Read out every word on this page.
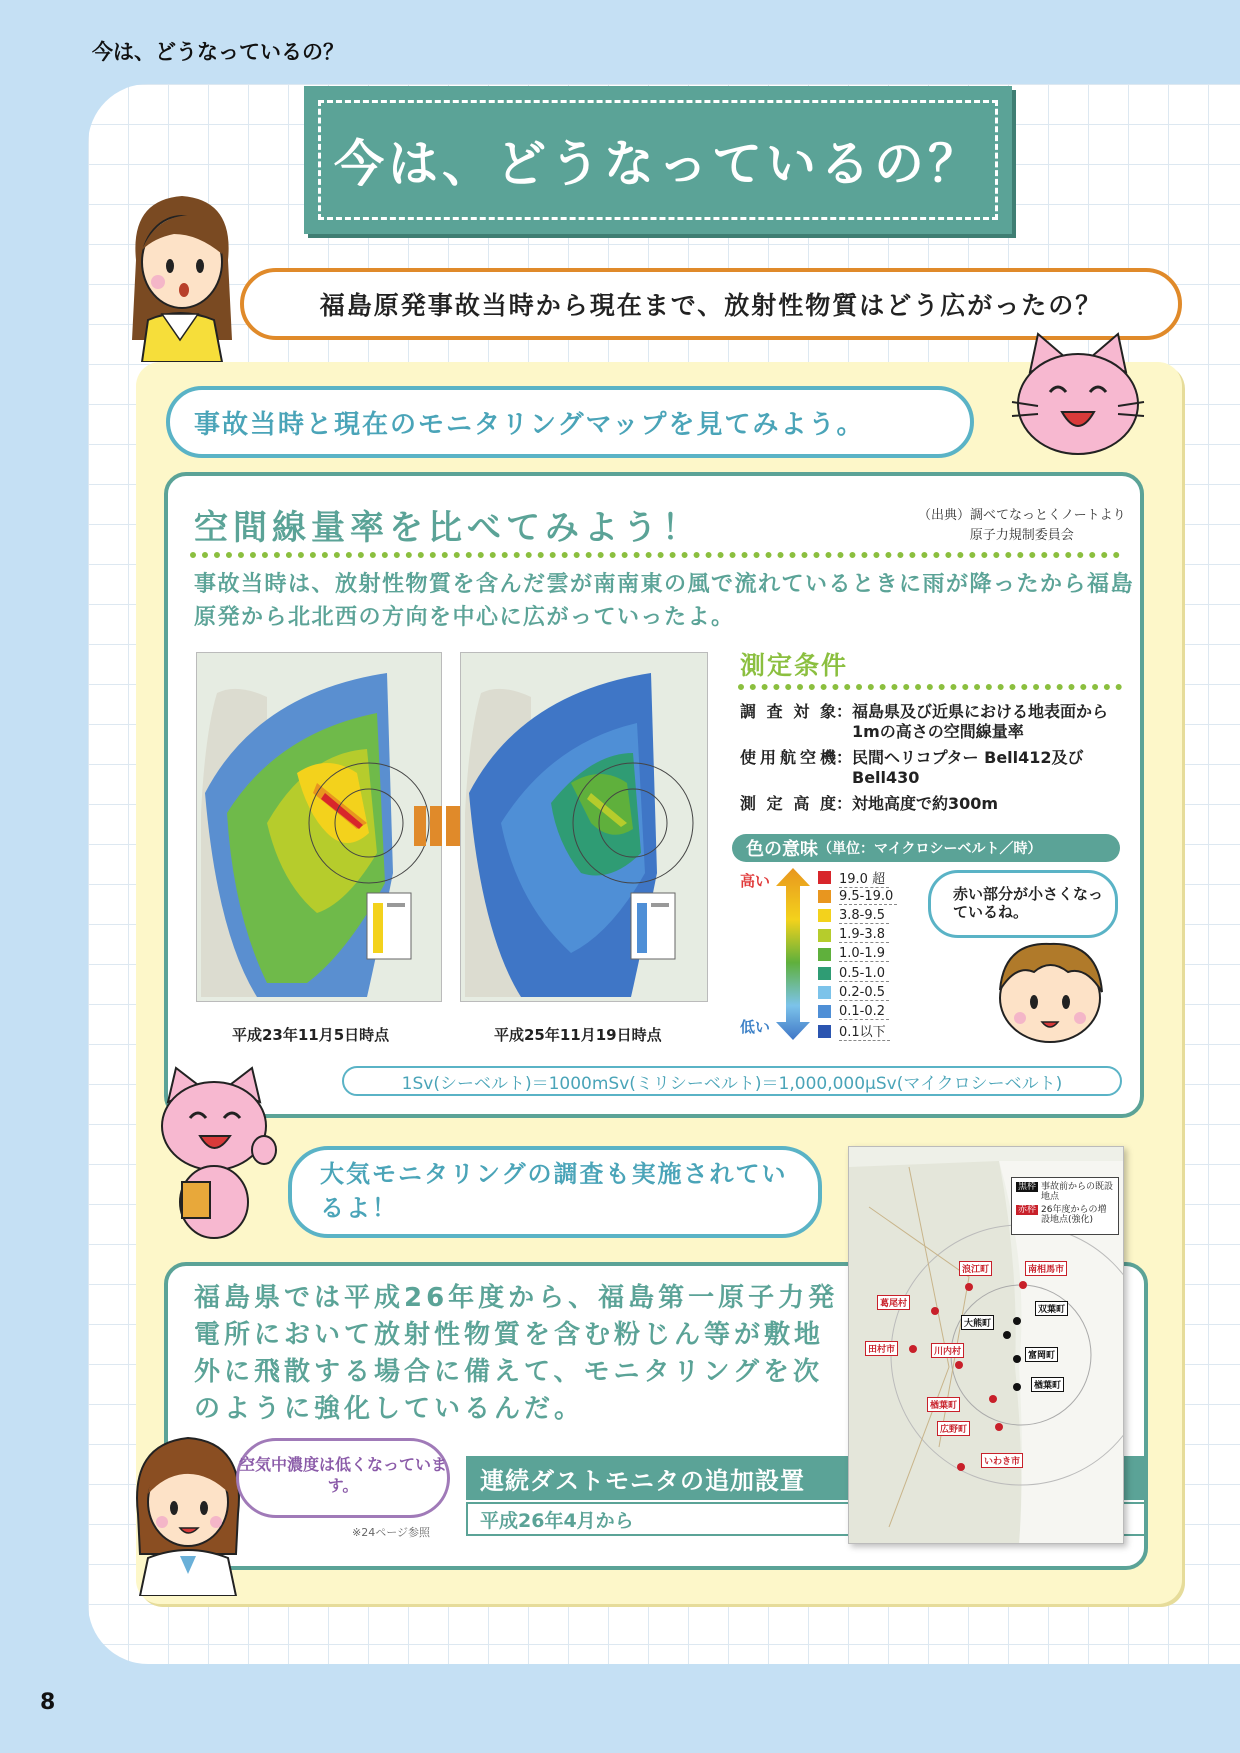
今は、どうなっているの？
今は、どうなっているの？
福島原発事故当時から現在まで、放射性物質はどう広がったの？
事故当時と現在のモニタリングマップを見てみよう。
空間線量率を比べてみよう！	（出典）調べてなっとくノートより
原子力規制委員会
事故当時は、放射性物質を含んだ雲が南南東の風で流れているときに雨が降ったから福島原発から北北西の方向を中心に広がっていったよ。
平成23年11月5日時点	平成25年11月19日時点
測定条件
調査対象 ： 福島県及び近県における地表面から1mの高さの空間線量率
使用航空機 ： 民間ヘリコプター Bell412及びBell430
測定高度 ： 対地高度で約300m
色の意味 （単位：マイクロシーベルト／時）
高い
低い
19.0 超
9.5-19.0
3.8-9.5
1.9-3.8
1.0-1.9
0.5-1.0
0.2-0.5
0.1-0.2
0.1以下
赤い部分が小さくなっているね。
1Sv(シーベルト)＝1000mSv(ミリシーベルト)＝1,000,000μSv(マイクロシーベルト)
大気モニタリングの調査も実施されているよ！
福島県では平成26年度から、福島第一原子力発電所において放射性物質を含む粉じん等が敷地外に飛散する場合に備えて、モニタリングを次のように強化しているんだ。
連続ダストモニタの追加設置
平成26年4月から
空気中濃度は低くなっています。
※24ページ参照
黒枠 事故前からの既設地点
赤枠 26年度からの増設地点(強化)
浪江町	南相馬市
葛尾村
双葉町
大熊町
田村市	川内村	富岡町
楢葉町
楢葉町
広野町
いわき市
8
